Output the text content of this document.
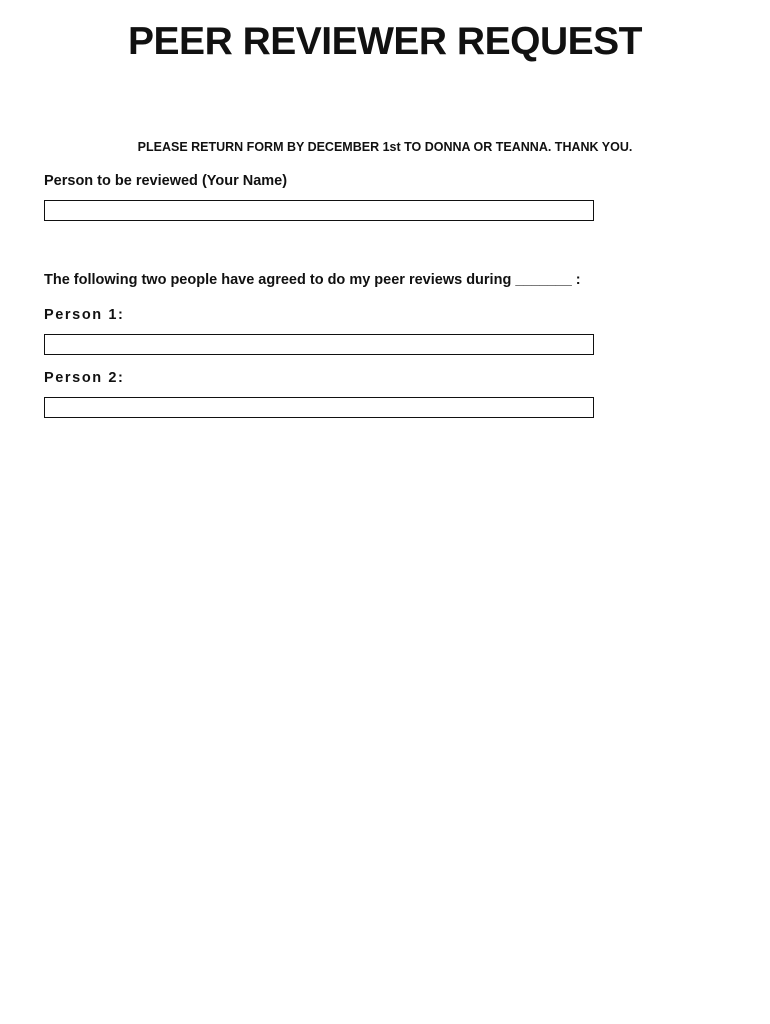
PEER REVIEWER REQUEST
PLEASE RETURN FORM BY DECEMBER 1st TO DONNA OR TEANNA. THANK YOU.
Person to be reviewed (Your Name)
The following two people have agreed to do my peer reviews during _______ :
Person 1:
Person 2:
